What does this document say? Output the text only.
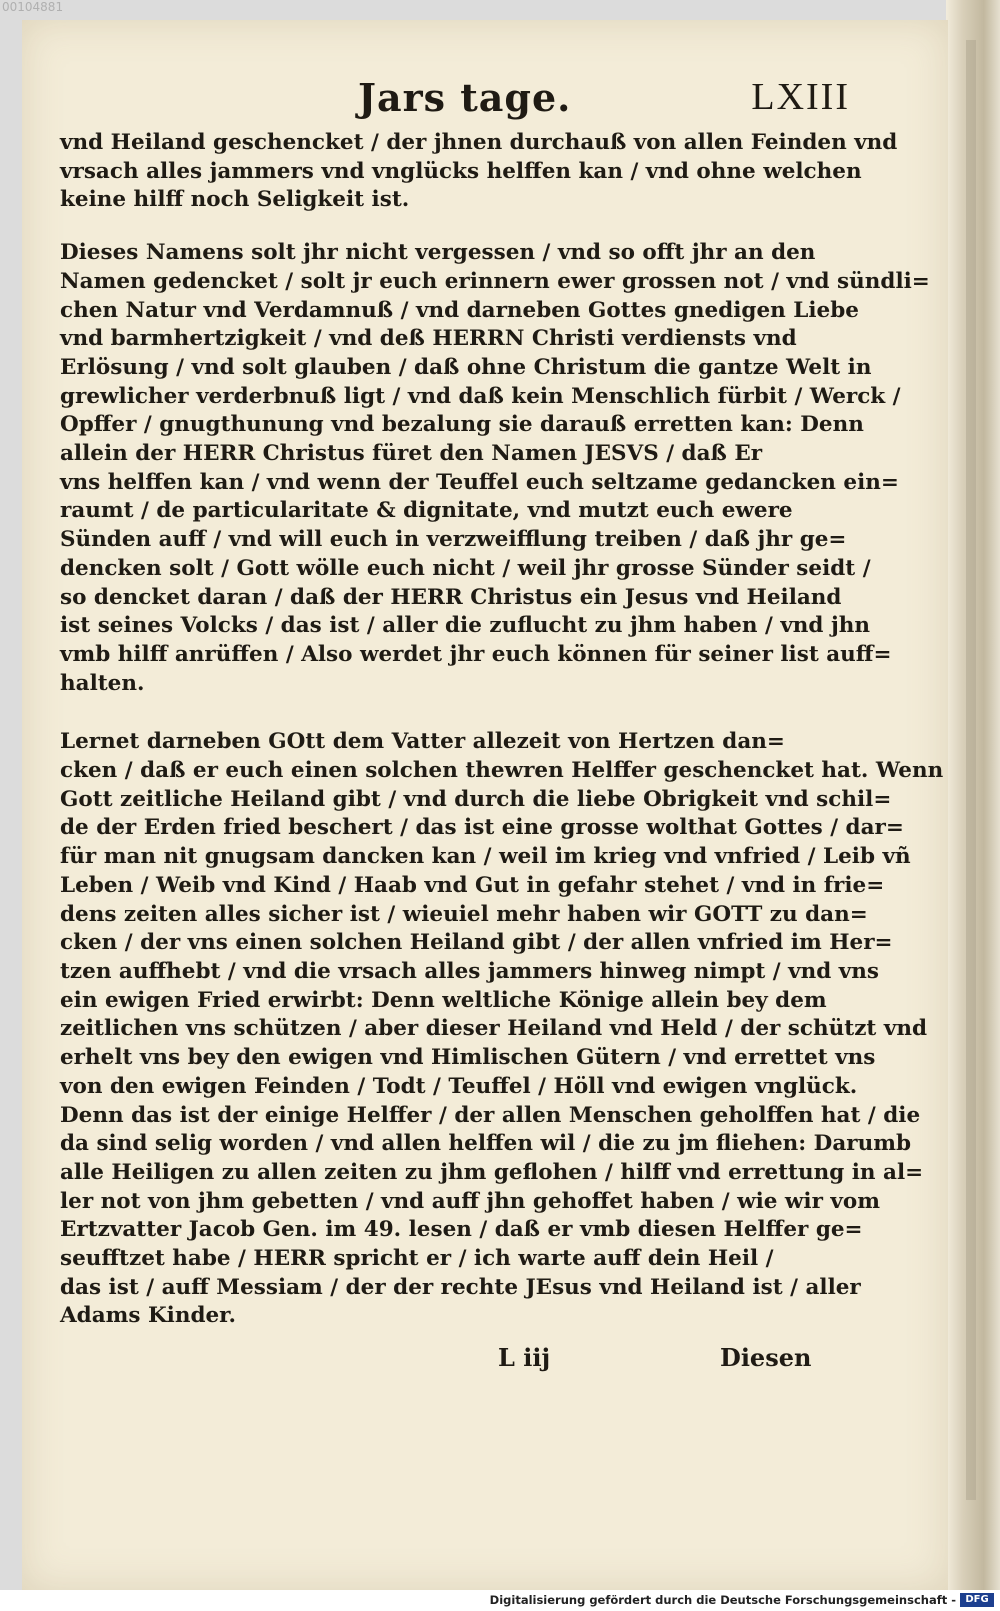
00104881
Jars tage.	LXIII
vnd Heiland geschencket / der jhnen durchauß von allen Feinden vnd
vrsach alles jammers vnd vnglücks helffen kan / vnd ohne welchen
keine hilff noch Seligkeit ist.
Dieses Namens solt jhr nicht vergessen / vnd so offt jhr an den
Namen gedencket / solt jr euch erinnern ewer grossen not / vnd sündli=
chen Natur vnd Verdamnuß / vnd darneben Gottes gnedigen Liebe
vnd barmhertzigkeit / vnd deß HERRN Christi verdiensts vnd
Erlösung / vnd solt glauben / daß ohne Christum die gantze Welt in
grewlicher verderbnuß ligt / vnd daß kein Menschlich fürbit / Werck /
Opffer / gnugthunung vnd bezalung sie darauß erretten kan: Denn
allein der HERR Christus füret den Namen JESVS / daß Er
vns helffen kan / vnd wenn der Teuffel euch seltzame gedancken ein=
raumt / de particularitate & dignitate, vnd mutzt euch ewere
Sünden auff / vnd will euch in verzweifflung treiben / daß jhr ge=
dencken solt / Gott wölle euch nicht / weil jhr grosse Sünder seidt /
so dencket daran / daß der HERR Christus ein Jesus vnd Heiland
ist seines Volcks / das ist / aller die zuflucht zu jhm haben / vnd jhn
vmb hilff anrüffen / Also werdet jhr euch können für seiner list auff=
halten.
Lernet darneben GOtt dem Vatter allezeit von Hertzen dan=
cken / daß er euch einen solchen thewren Helffer geschencket hat. Wenn
Gott zeitliche Heiland gibt / vnd durch die liebe Obrigkeit vnd schil=
de der Erden fried beschert / das ist eine grosse wolthat Gottes / dar=
für man nit gnugsam dancken kan / weil im krieg vnd vnfried / Leib vñ
Leben / Weib vnd Kind / Haab vnd Gut in gefahr stehet / vnd in frie=
dens zeiten alles sicher ist / wieuiel mehr haben wir GOTT zu dan=
cken / der vns einen solchen Heiland gibt / der allen vnfried im Her=
tzen auffhebt / vnd die vrsach alles jammers hinweg nimpt / vnd vns
ein ewigen Fried erwirbt: Denn weltliche Könige allein bey dem
zeitlichen vns schützen / aber dieser Heiland vnd Held / der schützt vnd
erhelt vns bey den ewigen vnd Himlischen Gütern / vnd errettet vns
von den ewigen Feinden / Todt / Teuffel / Höll vnd ewigen vnglück.
Denn das ist der einige Helffer / der allen Menschen geholffen hat / die
da sind selig worden / vnd allen helffen wil / die zu jm fliehen: Darumb
alle Heiligen zu allen zeiten zu jhm geflohen / hilff vnd errettung in al=
ler not von jhm gebetten / vnd auff jhn gehoffet haben / wie wir vom
Ertzvatter Jacob Gen. im 49. lesen / daß er vmb diesen Helffer ge=
seufftzet habe / HERR spricht er / ich warte auff dein Heil /
das ist / auff Messiam / der der rechte JEsus vnd Heiland ist / aller
Adams Kinder.
L iij	Diesen
Digitalisierung gefördert durch die Deutsche Forschungsgemeinschaft - DFG
